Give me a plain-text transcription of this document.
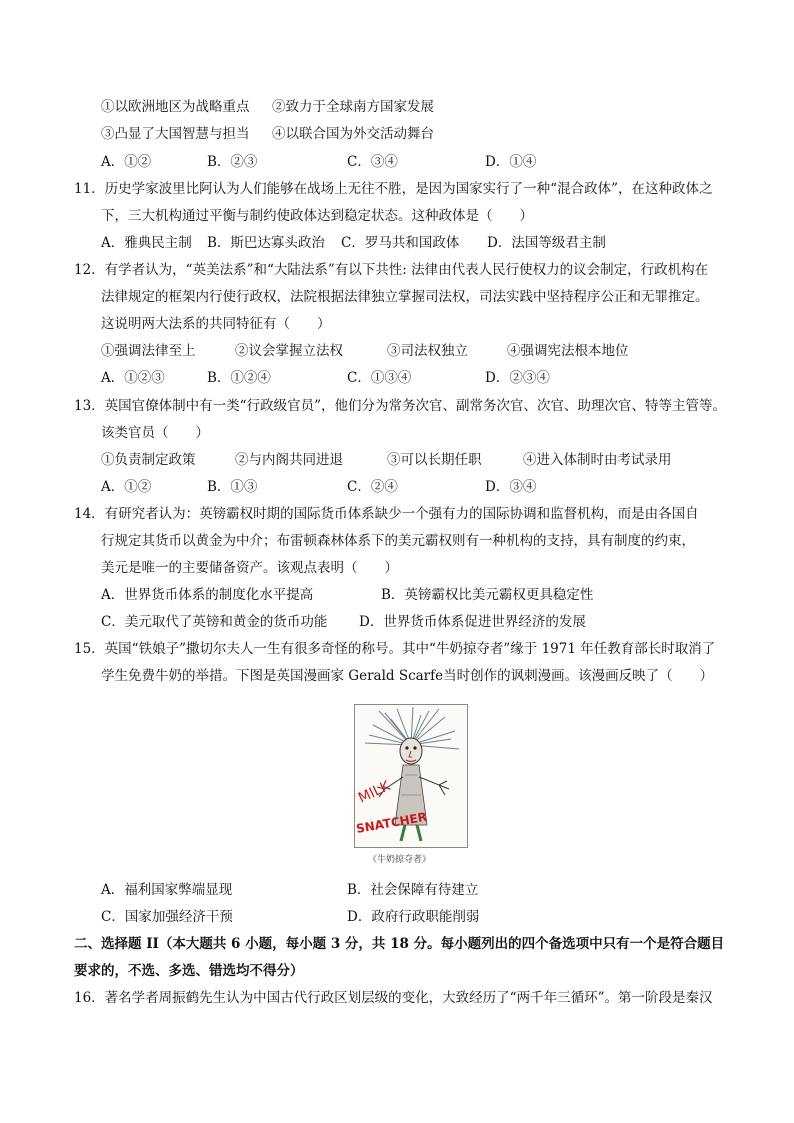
①以欧洲地区为战略重点 ②致力于全球南方国家发展
③凸显了大国智慧与担当 ④以联合国为外交活动舞台
A．①②	B．②③	C．③④	D．①④
11．历史学家波里比阿认为人们能够在战场上无往不胜，是因为国家实行了一种“混合政体”，在这种政体之
下，三大机构通过平衡与制约使政体达到稳定状态。这种政体是（　　）
A．雅典民主制 B．斯巴达寡头政治 C．罗马共和国政体 D．法国等级君主制
12．有学者认为，“英美法系”和“大陆法系”有以下共性: 法律由代表人民行使权力的议会制定，行政机构在
法律规定的框架内行使行政权，法院根据法律独立掌握司法权，司法实践中坚持程序公正和无罪推定。
这说明两大法系的共同特征有（　　）
①强调法律至上	②议会掌握立法权	③司法权独立	④强调宪法根本地位
A．①②③	B．①②④	C．①③④	D．②③④
13．英国官僚体制中有一类“行政级官员”，他们分为常务次官、副常务次官、次官、助理次官、特等主管等。
该类官员（　　）
①负责制定政策	②与内阁共同进退	③可以长期任职	④进入体制时由考试录用
A．①②	B．①③	C．②④	D．③④
14．有研究者认为：英镑霸权时期的国际货币体系缺少一个强有力的国际协调和监督机构，而是由各国自
行规定其货币以黄金为中介；布雷顿森林体系下的美元霸权则有一种机构的支持，具有制度的约束，
美元是唯一的主要储备资产。该观点表明（　　）
A．世界货币体系的制度化水平提高	B．英镑霸权比美元霸权更具稳定性
C．美元取代了英镑和黄金的货币功能 D．世界货币体系促进世界经济的发展
15．英国“铁娘子”撒切尔夫人一生有很多奇怪的称号。其中“牛奶掠夺者”缘于 1971 年任教育部长时取消了
学生免费牛奶的举措。下图是英国漫画家 Gerald Scarfe当时创作的讽刺漫画。该漫画反映了（　　）
MILK
SNATCHER
《牛奶掠夺者》
A．福利国家弊端显现	B．社会保障有待建立
C．国家加强经济干预	D．政府行政职能削弱
二、选择题 II（本大题共 6 小题，每小题 3 分，共 18 分。每小题列出的四个备选项中只有一个是符合题目
要求的，不选、多选、错选均不得分）
16．著名学者周振鹤先生认为中国古代行政区划层级的变化，大致经历了“两千年三循环”。第一阶段是秦汉
